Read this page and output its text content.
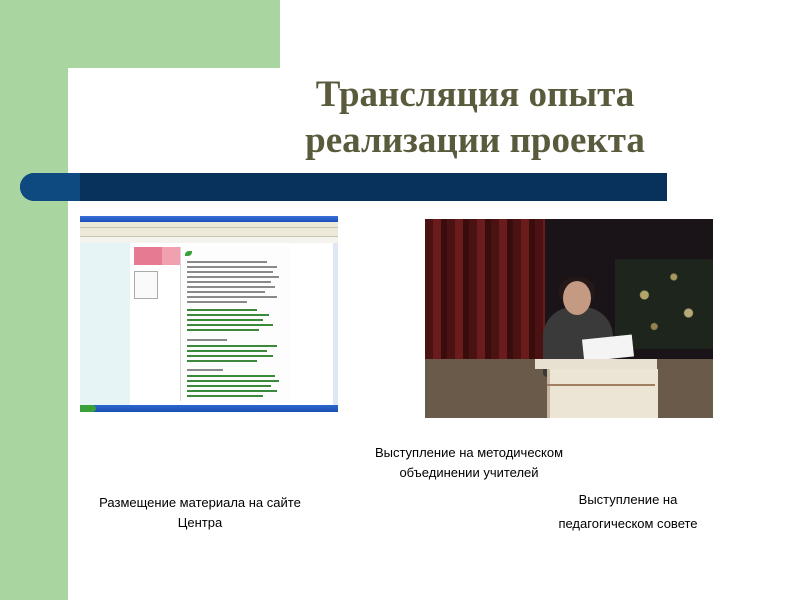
Трансляция опыта
реализации проекта
Выступление на методическом объединении учителей
Размещение материала на сайте Центра
Выступление на педагогическом совете
